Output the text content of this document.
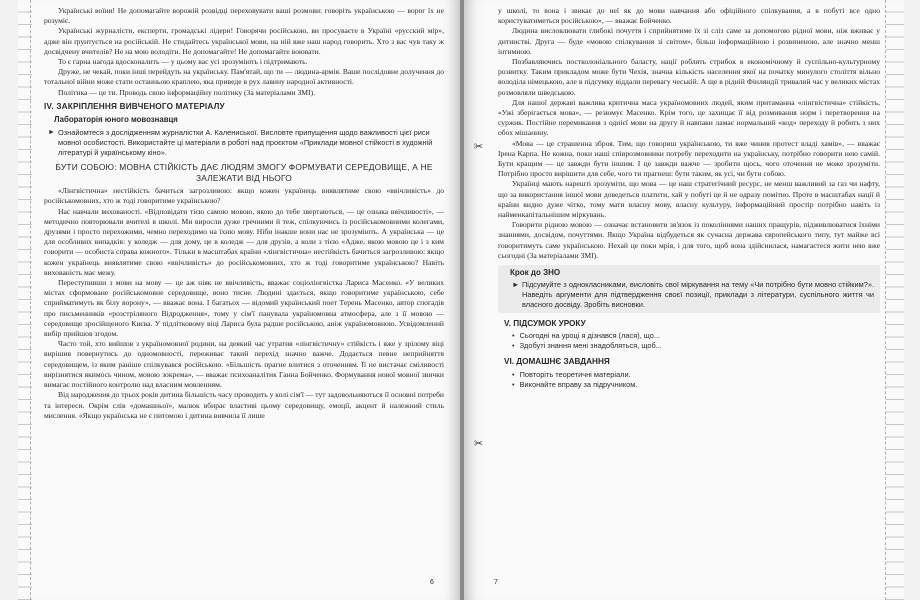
Українські воїни! Не допомагайте ворожій розвідці переховувати ваші розмови: говоріть українською — ворог їх не розуміє.

Українські журналісти, експерти, громадські лідери! Говорячи російською, ви просуваєте в Україні «русский мір», адже він ґрунтується на російській. Не стидайтесь української мови, на ній вже наш народ говорить. Хто з вас чув таку ж досвідчену вчителів? Не на мою володіти. Не допомагайте! Не допомагайте воювати.

То є гарна нагода вдосконалить — у цьому вас усі зрозуміють і підтримають.

Друже, не чекай, поки інші перейдуть на українську. Пам'ятай, що ти — людина-армія. Ваше послідовне долучення до тотальної війни може стати останньою краплею, яка приведе в рух лавину народної активності.

Політика — це ти. Проводь свою інформаційну політику (За матеріалами ЗМІ).

IV. ЗАКРІПЛЕННЯ ВИВЧЕНОГО МАТЕРІАЛУ
Лабораторія юного мовознавця
► Ознайомтеся з дослідженням журналістки А. Калениської. Висловте припущення щодо важливості цієї риси мовної особистості. Використайте ці матеріали в роботі над проєктом «Приклади мовної стійкості в художній літературі й українському кіно».
БУТИ СОБОЮ: МОВНА СТІЙКІСТЬ ДАЄ ЛЮДЯМ ЗМОГУ ФОРМУВАТИ СЕРЕДОВИЩЕ, А НЕ ЗАЛЕЖАТИ ВІД НЬОГО

«Лінгвістична» нестійкість бачиться загрозливою: якщо кожен українець виявлятиме свою «ввічливість» до російськомовних, хто ж тоді говоритиме українською?

Нас навчали вихованості. «Відповідати тією самою мовою, якою до тебе звертаються, — це ознака ввічливості», — методично повторювали вчителі в школі. Ми виросли дуже гречними й теж, спілкуючись із російськомовними колегами, друзями і просто перехожими, чемно переходимо на їхню мову. Ніби інакше вони нас не зрозуміють. А українська — це для особливих випадків: у коледж — для дому, це в коледж — для друзів, а коли з тією «Адже, якою мовою це і з ким говорити — особиста справа кожного». Тільки в масштабах країни «лінгвістична» нестійкість бачиться загрозливою: якщо кожен українець виявлятиме свою «ввічливість» до російськомовних, хто ж тоді говоритиме українською? Навіть вихованість має межу.

Переступивши з мови на мову — це аж ніяк не ввічливість, вважає соціолінгвістка Лариса Масенко. «У великих містах сформоване російськомовне середовище, воно тисне. Людині здається, якщо говоритиме українською, себе сприйматимуть як білу ворону», — вважає вона. І багатьох — відомий український поет Терень Масенко, автор спогадів про письменників «розстріляного Відродження», тому у сім'ї панувала україномовна атмосфера, але з її мовою — середовище зросійщеного Києва. У підлітковому віці Лариса була радше російською, аніж україномовною. Усвідомлений вибір прийшов згодом.

Часто той, хто вийшов з україномовної родини, на деякий час утратив «лінгвістичну» стійкість і вже у зрілому віці вирішив повернутись до одномовності, переживає такий перехід значно важче. Додається певне неприйняття середовищем, із яким раніше спілкувався російською. «Більшість прагне влитися з оточенням. Її не вистачає сміливості вирізнятися якимось чином, мовою зокрема», — вважає психоаналітик Ганна Бойченко. Формування нової мовної звички вимагає постійного контролю над власним мовленням.

Від народження до трьох років дитина більшість часу проводить у колі сім'ї — тут задовольняються її основні потреби та інтереси. Окрім слів «домашньої», малюк вбирає властиві цьому середовищу, емоції, акцент й належний стиль мислення. «Якщо українська не є питомою і дитина вивчила її лише

6
✂
✂

у школі, то вона і звикає до неї як до мови навчання або офіційного спілкування, а в побуті все одно користуватиметься російською», — вважає Бойченко.

Людина висловлювати глибокі почуття і сприйнятиме їх зі сліз саме за допомогою рідної мови, ніж вживає у дитинстві. Друга — буде «мовою спілкування зі світом», більш інформаційною і розвиненою, але значно менш інтимною.

Позбавляючись постколоніального баласту, нації роблять стрибок в економічному й суспільно-культурному розвитку. Таким прикладом може бути Чехія, значна кількість населення якої на початку минулого століття вільно володіла німецькою, але в підсумку віддали перевагу чеській. А ще в рідній Фінляндії тривалий час у великих містах розмовляли шведською.

Для нашої державі важлива критична маса україномовних людей, яким притаманна «лінгвістична» стійкість, «Ужі зберігається мова», — резюмує Масенко. Крім того, це захищає її від розмивання норм і перетворення на суржик. Постійне перемикання з однієї мови на другу й навпаки ламає нормальний «код» переходу й робить з них обох мішанину.

«Мова — це страшенна зброя. Тим, що говориш українською, ти вже чинив протест владі хамів», — вважає Ірена Карпа. Не кожна, поки наші співрозмовники потребу переходити на українську, потрібно говорити нею самій. Бути кращим — це завжди бути іншим. І це завжди важче — зробити щось, чого оточення не може зрозуміти. Потрібно просто вирішити для себе, чого ти прагнеш: бути таким, як усі, чи бути собою.

Українці мають нарешті зрозуміти, що мова — це наш стратегічний ресурс, не менш важливий за газ чи нафту, що за використання іншої мови доведеться платити, хай у побуті це й не одразу помітно. Проте в масштабах нації й країни видно дуже чітко, тому мати власну мову, власну культуру, інформаційний простір потрібно навіть із найменкапітальнішим міркувань.

Говорити рідною мовою — означає встановити зв'язок із поколіннями наших пращурів, підживлюватися їхніми знаннями, досвідом, почуттями. Якщо Україна відбудеться як сучасна держава європейського типу, тут майже всі говоритимуть саме українською. Нехай це поки мрія, і для того, щоб вона здійснилася, намагаєтеся жити нею вже сьогодні (За матеріалами ЗМІ).

Крок до ЗНО
► Підсумуйте з однокласниками, висловіть свої міркування на тему «Чи потрібно бути мовно стійким?». Наведіть аргументи для підтвердження своєї позиції, приклади з літератури, суспільного життя чи власного досвіду. Зробіть висновки.
V. ПІДСУМОК УРОКУ
• Сьогодні на уроці я дізнався (лася), що...
• Здобуті знання мені знадобляться, щоб...
VI. ДОМАШНЄ ЗАВДАННЯ
• Повторіть теоретичні матеріали.
• Виконайте вправу за підручником.
7
